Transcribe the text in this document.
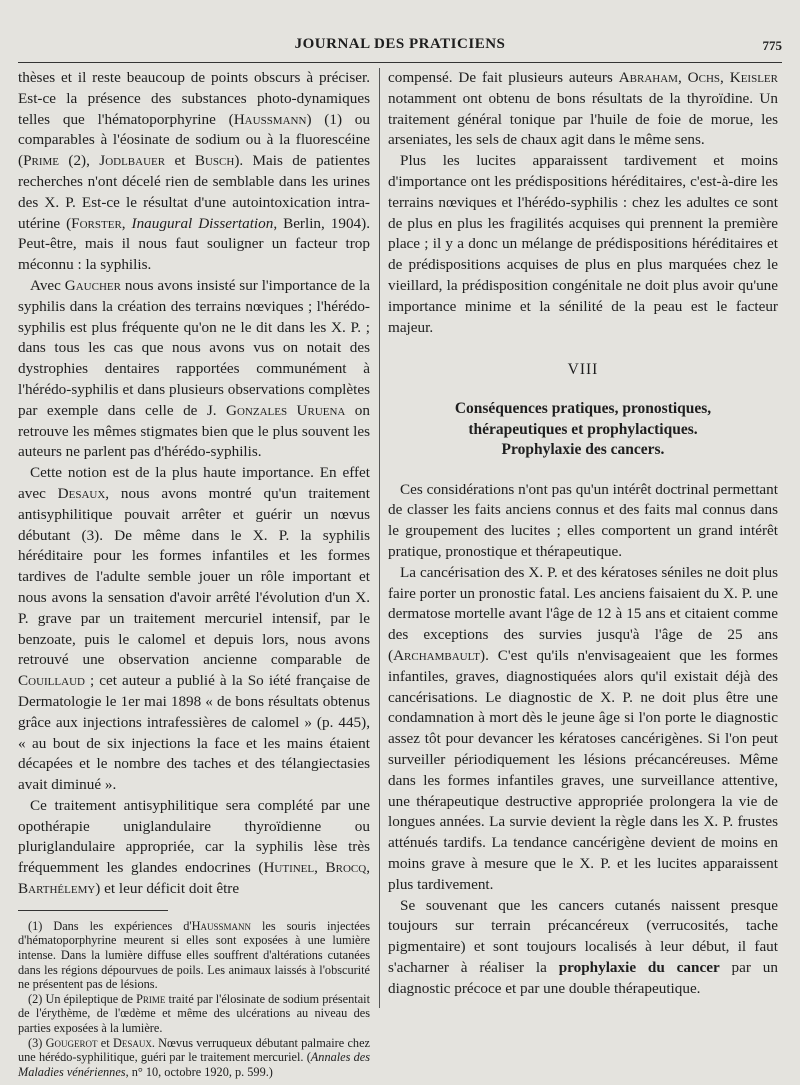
JOURNAL DES PRATICIENS	775

thèses et il reste beaucoup de points obscurs à préciser. Est-ce la présence des substances photo-dynamiques telles que l'hématoporphyrine (Haussmann) (1) ou comparables à l'éosinate de sodium ou à la fluorescéine (Prime (2), Jodlbauer et Busch). Mais de patientes recherches n'ont décelé rien de semblable dans les urines des X. P. Est-ce le résultat d'une autointoxication intra-utérine (Forster, Inaugural Dissertation, Berlin, 1904). Peut-être, mais il nous faut souligner un facteur trop méconnu : la syphilis.

Avec Gaucher nous avons insisté sur l'importance de la syphilis dans la création des terrains nœviques ; l'hérédo-syphilis est plus fréquente qu'on ne le dit dans les X. P. ; dans tous les cas que nous avons vus on notait des dystrophies dentaires rapportées communément à l'hérédo-syphilis et dans plusieurs observations complètes par exemple dans celle de J. Gonzales Uruena on retrouve les mêmes stigmates bien que le plus souvent les auteurs ne parlent pas d'hérédo-syphilis.

Cette notion est de la plus haute importance. En effet avec Desaux, nous avons montré qu'un traitement antisyphilitique pouvait arrêter et guérir un nœvus débutant (3). De même dans le X. P. la syphilis héréditaire pour les formes infantiles et les formes tardives de l'adulte semble jouer un rôle important et nous avons la sensation d'avoir arrêté l'évolution d'un X. P. grave par un traitement mercuriel intensif, par le benzoate, puis le calomel et depuis lors, nous avons retrouvé une observation ancienne comparable de Couillaud ; cet auteur a publié à la So iété française de Dermatologie le 1er mai 1898 « de bons résultats obtenus grâce aux injections intrafessières de calomel » (p. 445), « au bout de six injections la face et les mains étaient décapées et le nombre des taches et des télangiectasies avait diminué ».

Ce traitement antisyphilitique sera complété par une opothérapie uniglandulaire thyroïdienne ou pluriglandulaire appropriée, car la syphilis lèse très fréquemment les glandes endocrines (Hutinel, Brocq, Barthélemy) et leur déficit doit être

(1) Dans les expériences d'Haussmann les souris injectées d'hématoporphyrine meurent si elles sont exposées à une lumière intense. Dans la lumière diffuse elles souffrent d'altérations cutanées dans les régions dépourvues de poils. Les animaux laissés à l'obscurité ne présentent pas de lésions.

(2) Un épileptique de Prime traité par l'élosinate de sodium présentait de l'érythème, de l'œdème et même des ulcérations au niveau des parties exposées à la lumière.

(3) Gougerot et Desaux. Nœvus verruqueux débutant palmaire chez une hérédo-syphilitique, guéri par le traitement mercuriel. (Annales des Maladies vénériennes, n° 10, octobre 1920, p. 599.)

compensé. De fait plusieurs auteurs Abraham, Ochs, Keisler notamment ont obtenu de bons résultats de la thyroïdine. Un traitement général tonique par l'huile de foie de morue, les arseniates, les sels de chaux agit dans le même sens.

Plus les lucites apparaissent tardivement et moins d'importance ont les prédispositions héréditaires, c'est-à-dire les terrains nœviques et l'hérédo-syphilis : chez les adultes ce sont de plus en plus les fragilités acquises qui prennent la première place ; il y a donc un mélange de prédispositions héréditaires et de prédispositions acquises de plus en plus marquées chez le vieillard, la prédisposition congénitale ne doit plus avoir qu'une importance minime et la sénilité de la peau est le facteur majeur.

VIII
Conséquences pratiques, pronostiques,
thérapeutiques et prophylactiques.
Prophylaxie des cancers.

Ces considérations n'ont pas qu'un intérêt doctrinal permettant de classer les faits anciens connus et des faits mal connus dans le groupement des lucites ; elles comportent un grand intérêt pratique, pronostique et thérapeutique.

La cancérisation des X. P. et des kératoses séniles ne doit plus faire porter un pronostic fatal. Les anciens faisaient du X. P. une dermatose mortelle avant l'âge de 12 à 15 ans et citaient comme des exceptions des survies jusqu'à l'âge de 25 ans (Archambault). C'est qu'ils n'envisageaient que les formes infantiles, graves, diagnostiquées alors qu'il existait déjà des cancérisations. Le diagnostic de X. P. ne doit plus être une condamnation à mort dès le jeune âge si l'on porte le diagnostic assez tôt pour devancer les kératoses cancérigènes. Si l'on peut surveiller périodiquement les lésions précancéreuses. Même dans les formes infantiles graves, une surveillance attentive, une thérapeutique destructive appropriée prolongera la vie de longues années. La survie devient la règle dans les X. P. frustes atténués tardifs. La tendance cancérigène devient de moins en moins grave à mesure que le X. P. et les lucites apparaissent plus tardivement.

Se souvenant que les cancers cutanés naissent presque toujours sur terrain précancéreux (verrucosités, tache pigmentaire) et sont toujours localisés à leur début, il faut s'acharner à réaliser la prophylaxie du cancer par un diagnostic précoce et par une double thérapeutique.
